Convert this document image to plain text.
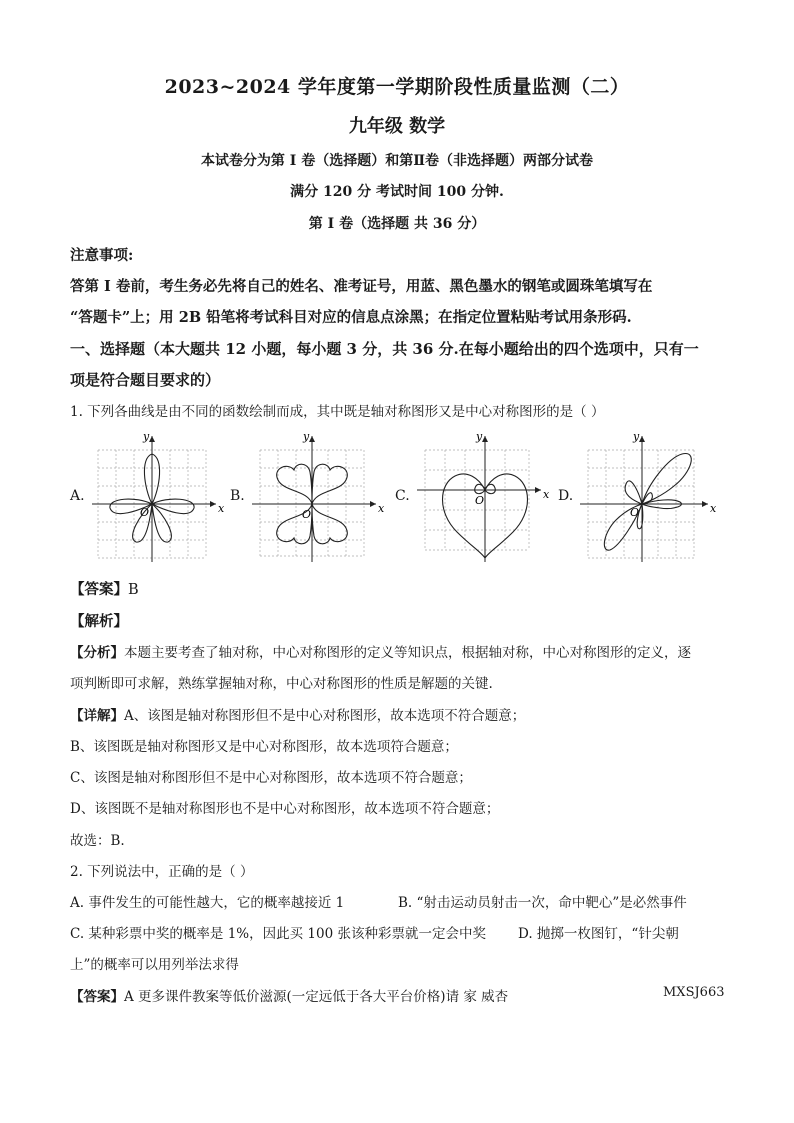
2023~2024 学年度第一学期阶段性质量监测（二）
九年级 数学
本试卷分为第 I 卷（选择题）和第Ⅱ卷（非选择题）两部分试卷
满分 120 分 考试时间 100 分钟.
第 I 卷（选择题 共 36 分）
注意事项:
答第 I 卷前，考生务必先将自己的姓名、准考证号，用蓝、黑色墨水的钢笔或圆珠笔填写在
“答题卡”上；用 2B 铅笔将考试科目对应的信息点涂黑；在指定位置粘贴考试用条形码.
一、选择题（本大题共 12 小题，每小题 3 分，共 36 分.在每小题给出的四个选项中，只有一
项是符合题目要求的）
1. 下列各曲线是由不同的函数绘制而成，其中既是轴对称图形又是中心对称图形的是（ ）
A.
x
y
O
B.
x
y
O
C.	x
y
O	D.
x
y
O
【答案】B
【解析】
【分析】本题主要考查了轴对称，中心对称图形的定义等知识点，根据轴对称，中心对称图形的定义，逐
项判断即可求解，熟练掌握轴对称，中心对称图形的性质是解题的关键.
【详解】A、该图是轴对称图形但不是中心对称图形，故本选项不符合题意；
B、该图既是轴对称图形又是中心对称图形，故本选项符合题意；
C、该图是轴对称图形但不是中心对称图形，故本选项不符合题意；
D、该图既不是轴对称图形也不是中心对称图形，故本选项不符合题意；
故选：B.
2. 下列说法中，正确的是（ ）
A. 事件发生的可能性越大，它的概率越接近 1	B. “射击运动员射击一次，命中靶心”是必然事件
C. 某种彩票中奖的概率是 1%，因此买 100 张该种彩票就一定会中奖 D. 抛掷一枚图钉，“针尖朝
上”的概率可以用列举法求得
【答案】A 更多课件教案等低价滋源(一定远低于各大平台价格)请 家 威杏	MXSJ663
